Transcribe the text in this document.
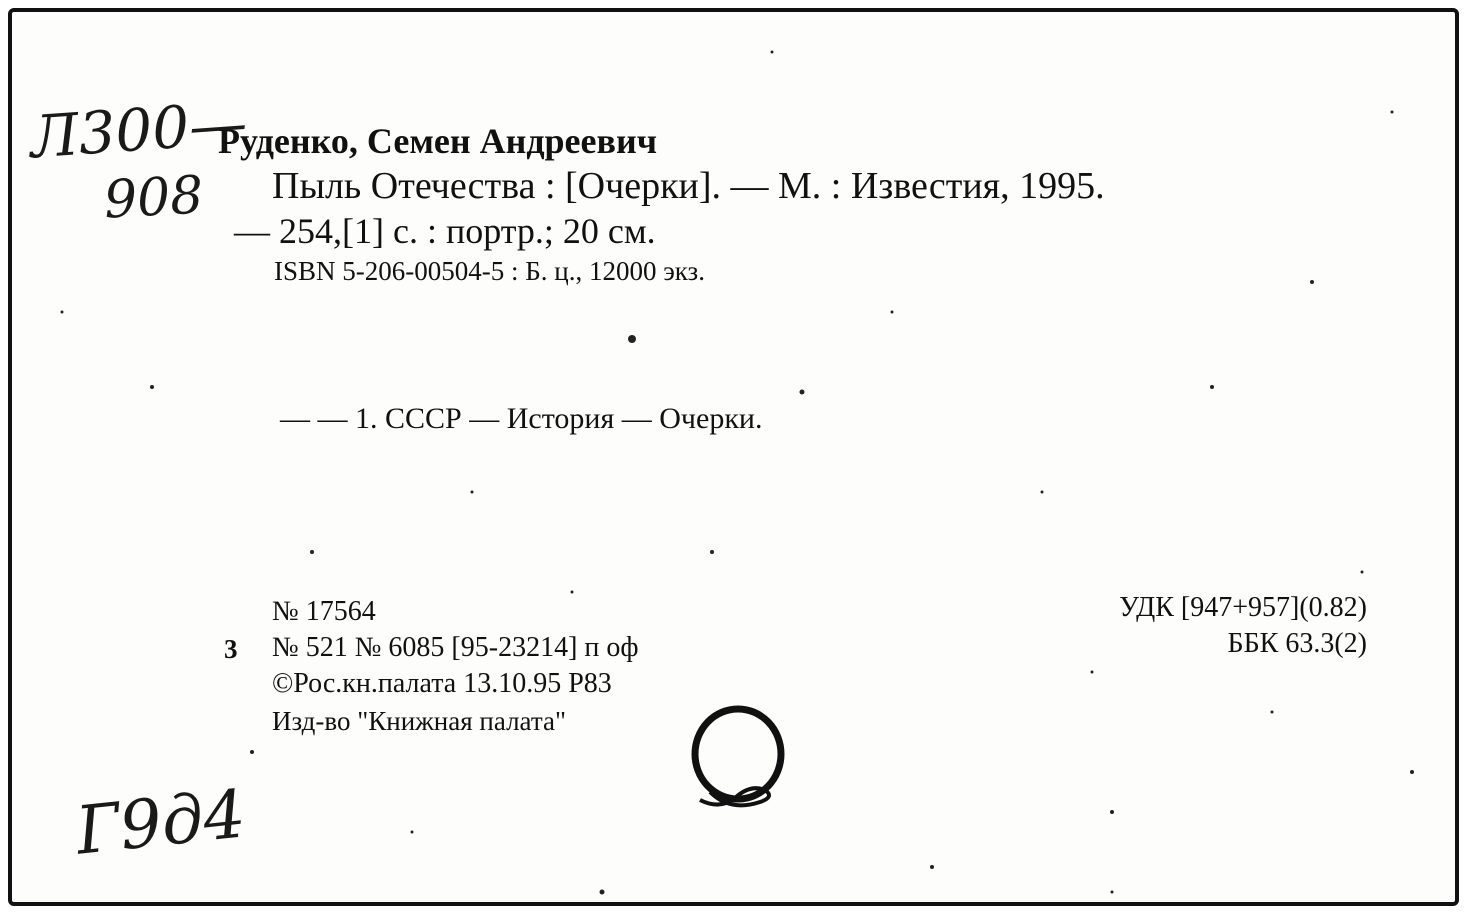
Л300—
908
Руденко, Семен Андреевич
Пыль Отечества : [Очерки]. — М. : Известия, 1995.
— 254,[1] с. : портр.; 20 см.
ISBN 5-206-00504-5 : Б. ц., 12000 экз.
— — 1. СССР — История — Очерки.
№ 17564
3 № 521 № 6085 [95-23214] п оф
©Рос.кн.палата 13.10.95 Р83
Изд-во "Книжная палата"
УДК [947+957](0.82)
ББК 63.3(2)
Г9д4
